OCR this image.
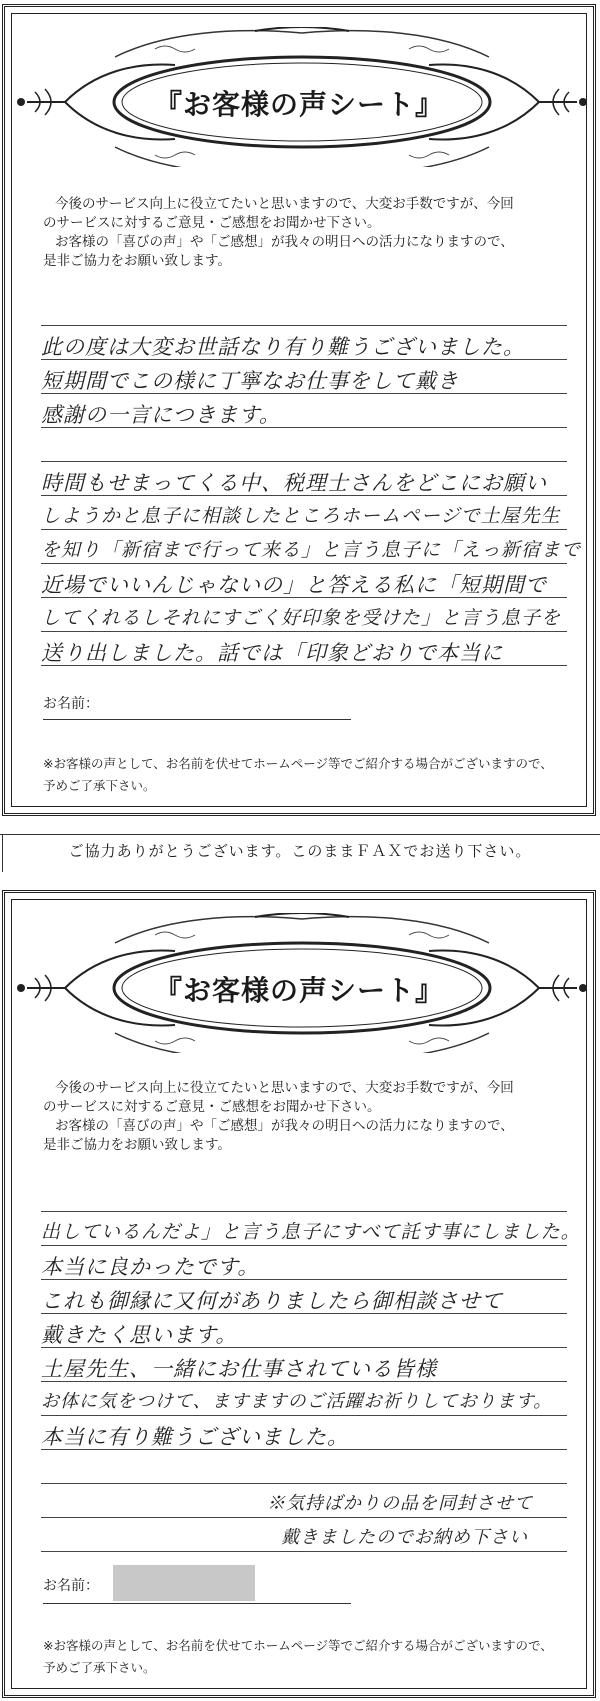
『お客様の声シート』

今後のサービス向上に役立てたいと思いますので、大変お手数ですが、今回

のサービスに対するご意見・ご感想をお聞かせ下さい。

お客様の「喜びの声」や「ご感想」が我々の明日への活力になりますので、

是非ご協力をお願い致します。

此の度は大変お世話なり有り難うございました。
短期間でこの様に丁寧なお仕事をして戴き
感謝の一言につきます。
時間もせまってくる中、税理士さんをどこにお願い
しようかと息子に相談したところホームページで土屋先生
を知り「新宿まで行って来る」と言う息子に「えっ新宿まで
近場でいいんじゃないの」と答える私に「短期間で
してくれるしそれにすごく好印象を受けた」と言う息子を
送り出しました。話では「印象どおりで本当に
お名前：

※お客様の声として、お名前を伏せてホームページ等でご紹介する場合がございますので、

予めご了承下さい。

ご協力ありがとうございます。このままＦＡＸでお送り下さい。
『お客様の声シート』

今後のサービス向上に役立てたいと思いますので、大変お手数ですが、今回

のサービスに対するご意見・ご感想をお聞かせ下さい。

お客様の「喜びの声」や「ご感想」が我々の明日への活力になりますので、

是非ご協力をお願い致します。

出しているんだよ」と言う息子にすべて託す事にしました。
本当に良かったです。
これも御縁に又何がありましたら御相談させて
戴きたく思います。
土屋先生、一緒にお仕事されている皆様
お体に気をつけて、ますますのご活躍お祈りしております。
本当に有り難うございました。
※気持ばかりの品を同封させて
戴きましたのでお納め下さい
お名前：

※お客様の声として、お名前を伏せてホームページ等でご紹介する場合がございますので、

予めご了承下さい。
